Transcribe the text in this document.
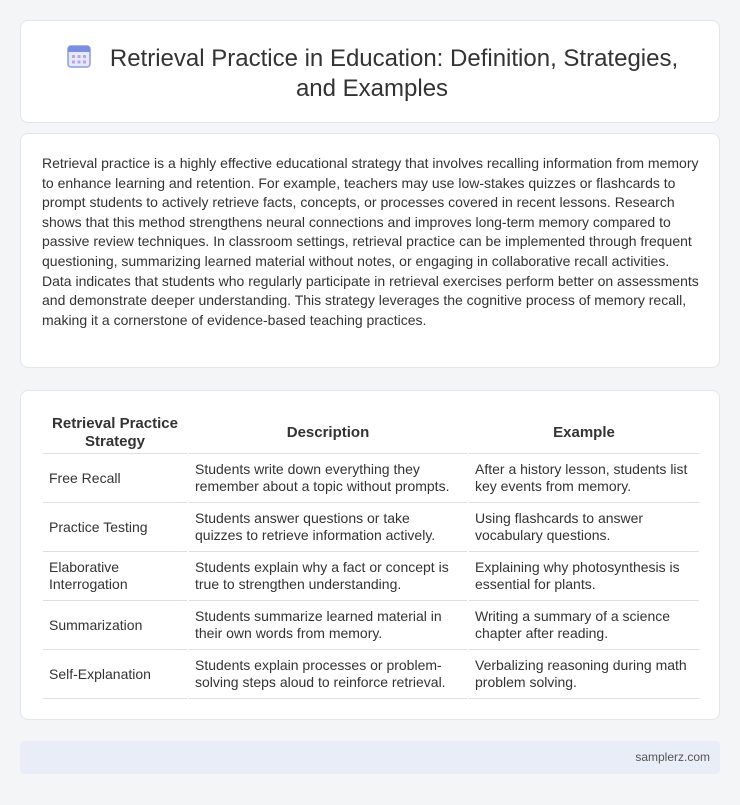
Retrieval Practice in Education: Definition, Strategies, and Examples

Retrieval practice is a highly effective educational strategy that involves recalling information from memory to enhance learning and retention. For example, teachers may use low-stakes quizzes or flashcards to prompt students to actively retrieve facts, concepts, or processes covered in recent lessons. Research shows that this method strengthens neural connections and improves long-term memory compared to passive review techniques. In classroom settings, retrieval practice can be implemented through frequent questioning, summarizing learned material without notes, or engaging in collaborative recall activities. Data indicates that students who regularly participate in retrieval exercises perform better on assessments and demonstrate deeper understanding. This strategy leverages the cognitive process of memory recall, making it a cornerstone of evidence-based teaching practices.

Retrieval Practice Strategy	Description	Example
Free Recall	Students write down everything they remember about a topic without prompts.	After a history lesson, students list key events from memory.
Practice Testing	Students answer questions or take quizzes to retrieve information actively.	Using flashcards to answer vocabulary questions.
Elaborative Interrogation	Students explain why a fact or concept is true to strengthen understanding.	Explaining why photosynthesis is essential for plants.
Summarization	Students summarize learned material in their own words from memory.	Writing a summary of a science chapter after reading.
Self-Explanation	Students explain processes or problem-solving steps aloud to reinforce retrieval.	Verbalizing reasoning during math problem solving.
samplerz.com
